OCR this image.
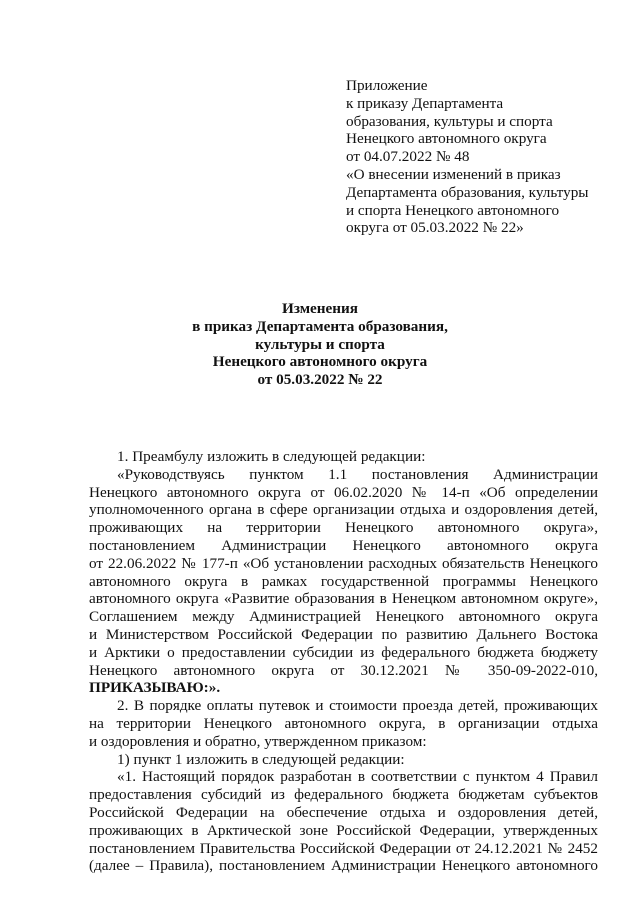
Приложение
к приказу Департамента
образования, культуры и спорта
Ненецкого автономного округа
от 04.07.2022 № 48
«О внесении изменений в приказ
Департамента образования, культуры
и спорта Ненецкого автономного
округа от 05.03.2022 № 22»
Изменения
в приказ Департамента образования,
культуры и спорта
Ненецкого автономного округа
от 05.03.2022 № 22
1. Преамбулу изложить в следующей редакции:
«Руководствуясь пунктом 1.1 постановления Администрации
Ненецкого автономного округа от 06.02.2020 № 14-п «Об определении
уполномоченного органа в сфере организации отдыха и оздоровления детей,
проживающих на территории Ненецкого автономного округа»,
постановлением Администрации Ненецкого автономного округа
от 22.06.2022 № 177-п «Об установлении расходных обязательств Ненецкого
автономного округа в рамках государственной программы Ненецкого
автономного округа «Развитие образования в Ненецком автономном округе»,
Соглашением между Администрацией Ненецкого автономного округа
и Министерством Российской Федерации по развитию Дальнего Востока
и Арктики о предоставлении субсидии из федерального бюджета бюджету
Ненецкого автономного округа от 30.12.2021 № 350-09-2022-010,
ПРИКАЗЫВАЮ:».
2. В порядке оплаты путевок и стоимости проезда детей, проживающих
на территории Ненецкого автономного округа, в организации отдыха
и оздоровления и обратно, утвержденном приказом:
1) пункт 1 изложить в следующей редакции:
«1. Настоящий порядок разработан в соответствии с пунктом 4 Правил
предоставления субсидий из федерального бюджета бюджетам субъектов
Российской Федерации на обеспечение отдыха и оздоровления детей,
проживающих в Арктической зоне Российской Федерации, утвержденных
постановлением Правительства Российской Федерации от 24.12.2021 № 2452
(далее – Правила), постановлением Администрации Ненецкого автономного
